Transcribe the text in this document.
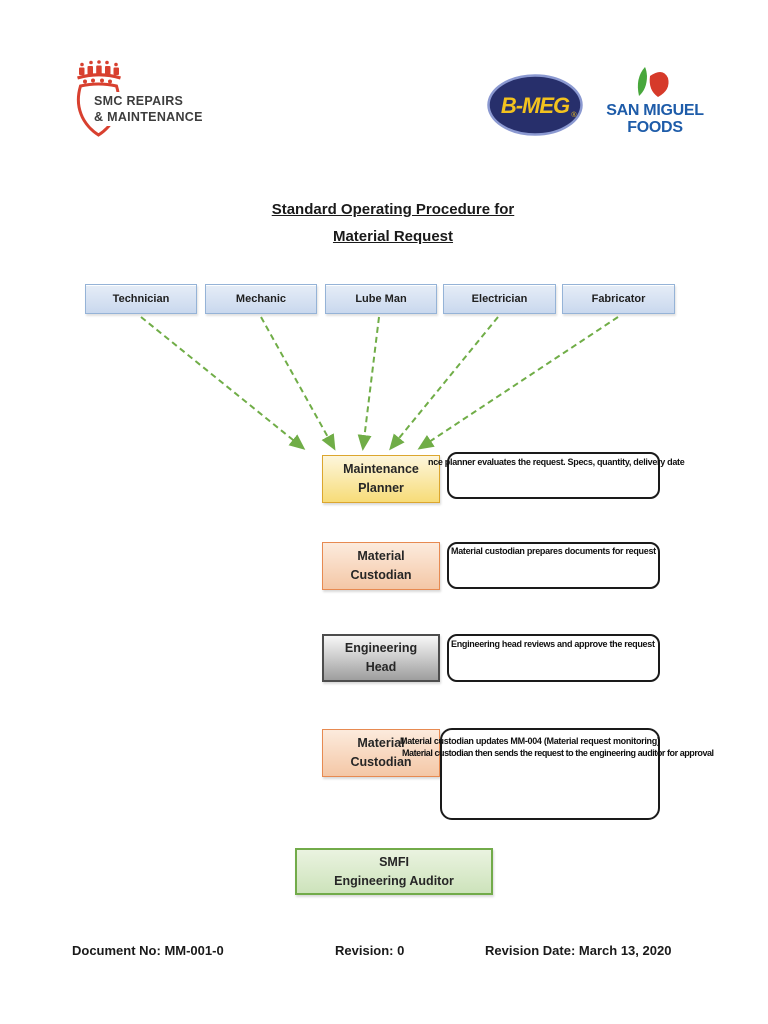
SMC REPAIRS
& MAINTENANCE	B-MEG ®	SAN MIGUEL
FOODS
Standard Operating Procedure for
Material Request
Technician	Mechanic	Lube Man	Electrician	Fabricator
Maintenance
Planner
Material
Custodian
Engineering
Head
Material
Custodian
SMFI
Engineering Auditor
nce planner evaluates the request. Specs, quantity, delivery date
Material custodian prepares documents for request
Engineering head reviews and approve the request
Material custodian updates MM-004 (Material request monitoring)
Material custodian then sends the request to the engineering auditor for approval
Document No: MM-001-0	Revision: 0	Revision Date: March 13, 2020
